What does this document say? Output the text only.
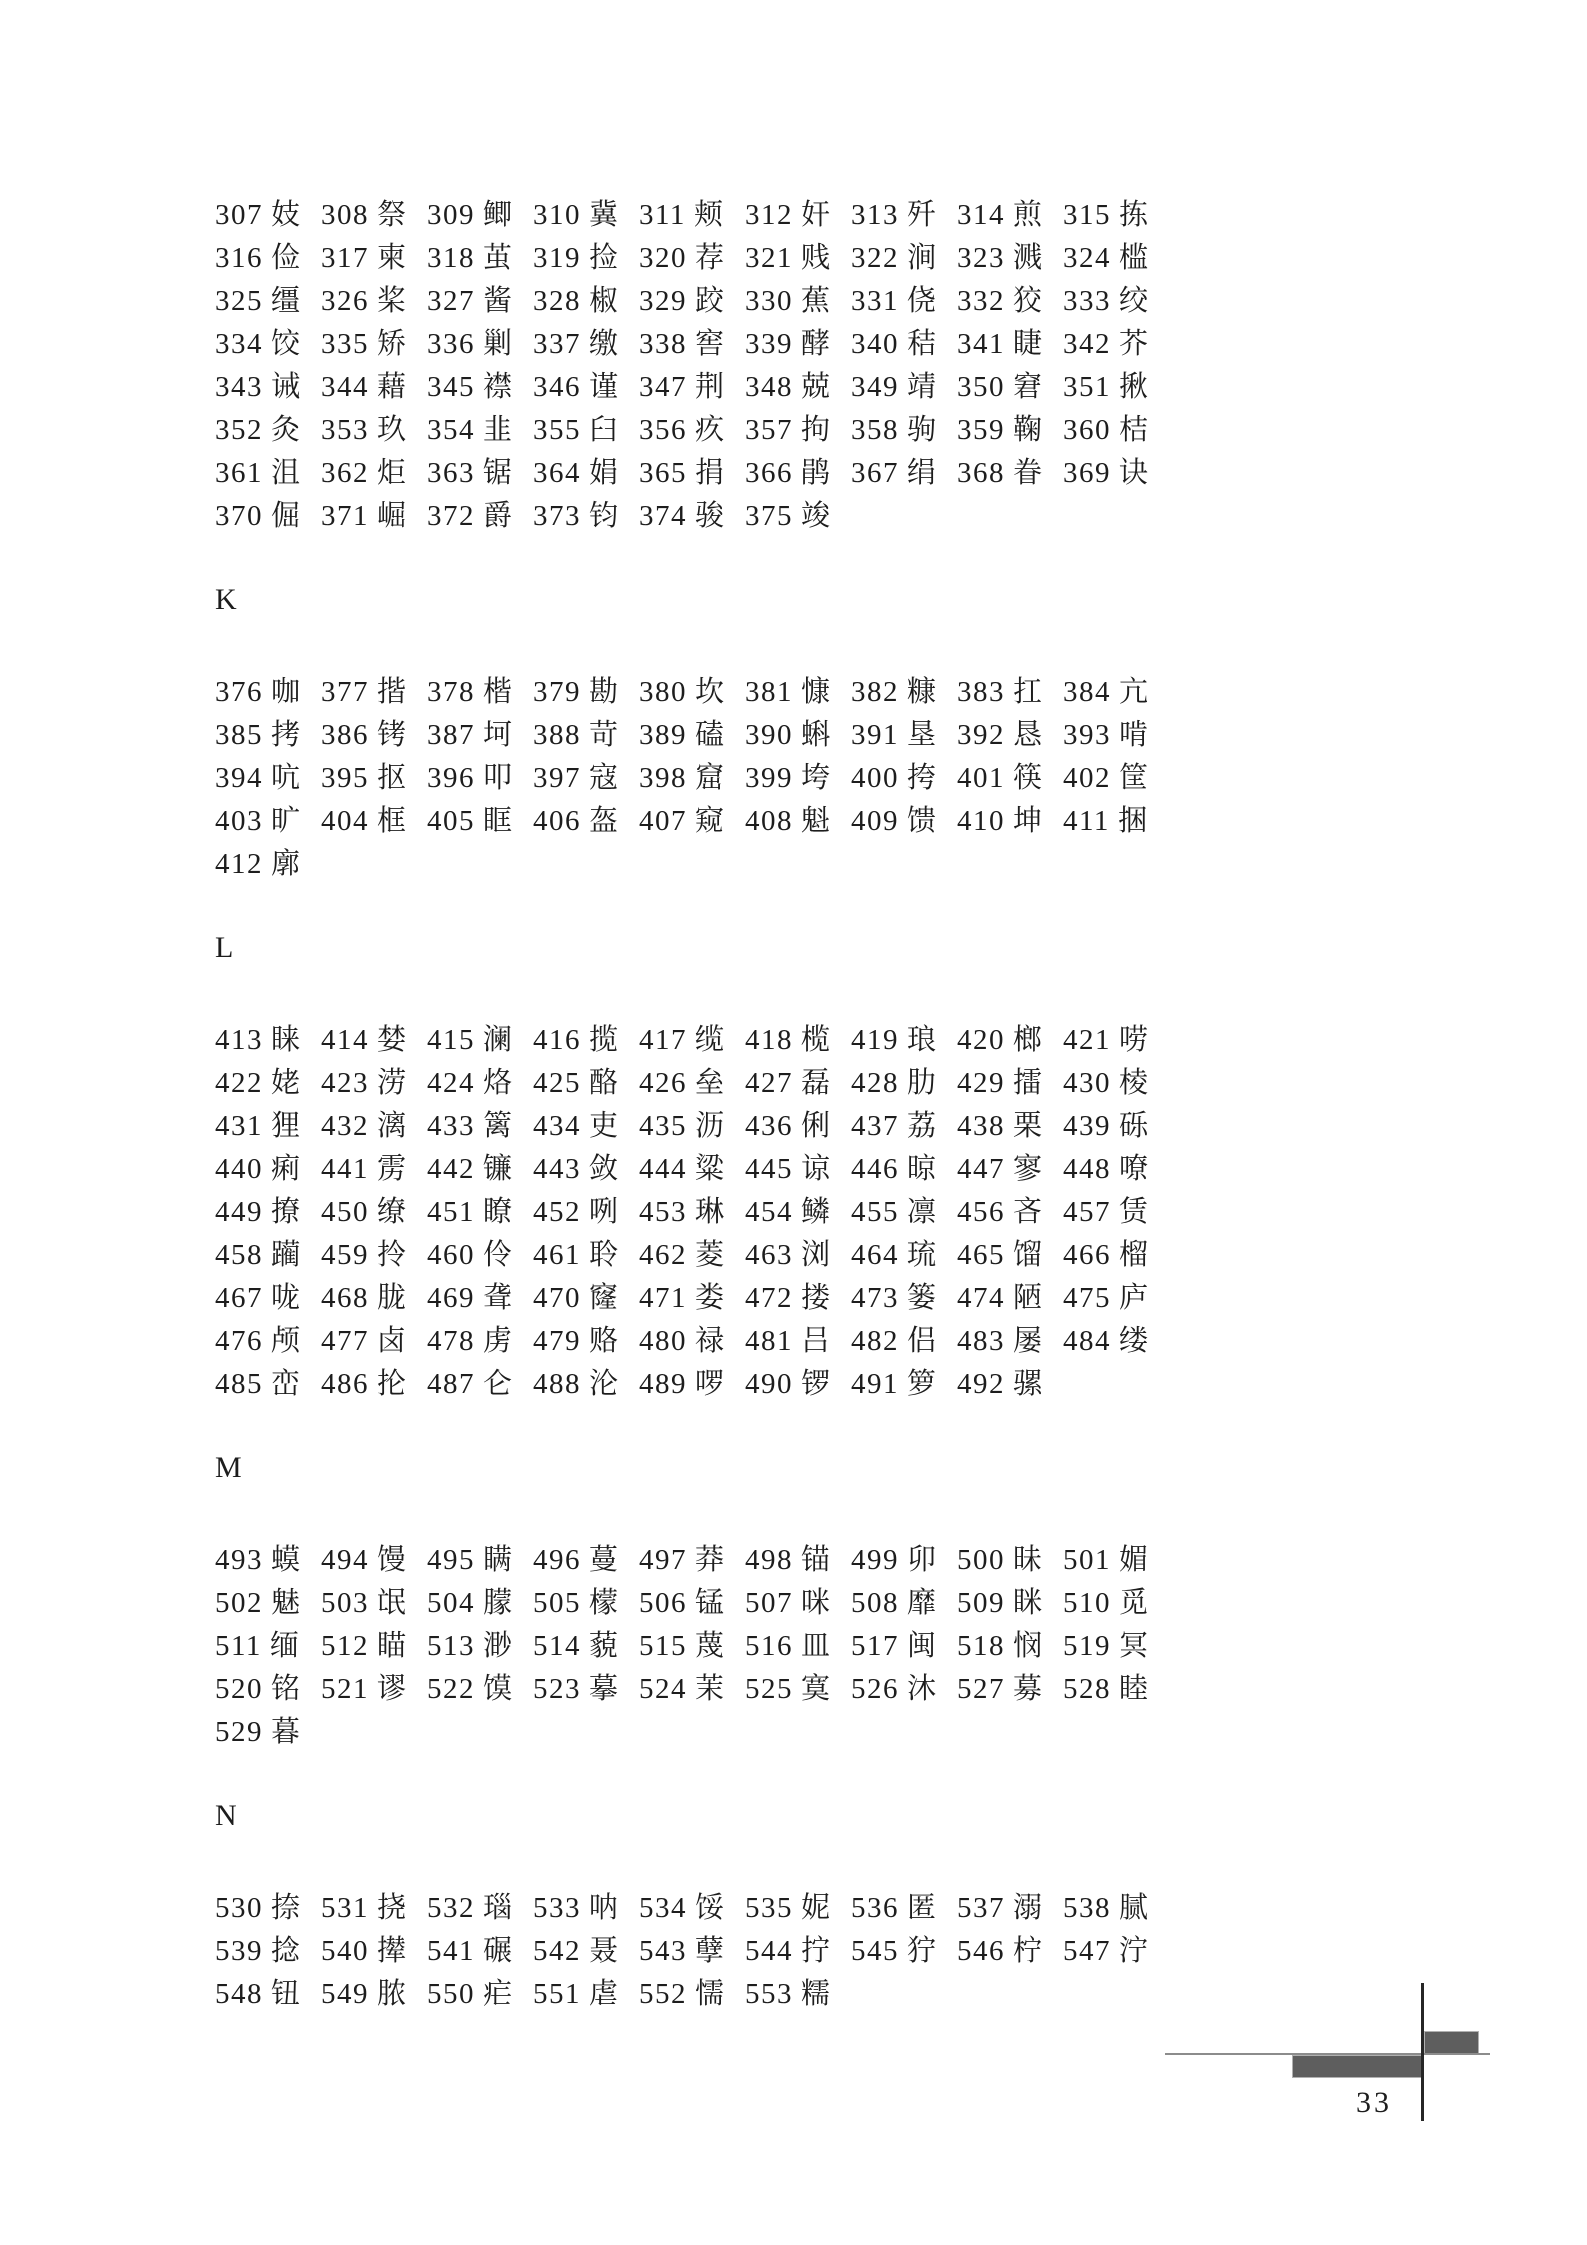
307 妓 308 祭 309 鲫 310 冀 311 颊 312 奸 313 歼 314 煎 315 拣
316 俭 317 柬 318 茧 319 捡 320 荐 321 贱 322 涧 323 溅 324 槛
325 缰 326 桨 327 酱 328 椒 329 跤 330 蕉 331 侥 332 狡 333 绞
334 饺 335 矫 336 剿 337 缴 338 窖 339 酵 340 秸 341 睫 342 芥
343 诫 344 藉 345 襟 346 谨 347 荆 348 兢 349 靖 350 窘 351 揪
352 灸 353 玖 354 韭 355 臼 356 疚 357 拘 358 驹 359 鞠 360 桔
361 沮 362 炬 363 锯 364 娟 365 捐 366 鹃 367 绢 368 眷 369 诀
370 倔 371 崛 372 爵 373 钧 374 骏 375 竣
K
376 咖 377 揩 378 楷 379 勘 380 坎 381 慷 382 糠 383 扛 384 亢
385 拷 386 铐 387 坷 388 苛 389 磕 390 蝌 391 垦 392 恳 393 啃
394 吭 395 抠 396 叩 397 寇 398 窟 399 垮 400 挎 401 筷 402 筐
403 旷 404 框 405 眶 406 盔 407 窥 408 魁 409 馈 410 坤 411 捆
412 廓
L
413 睐 414 婪 415 澜 416 揽 417 缆 418 榄 419 琅 420 榔 421 唠
422 姥 423 涝 424 烙 425 酪 426 垒 427 磊 428 肋 429 擂 430 棱
431 狸 432 漓 433 篱 434 吏 435 沥 436 俐 437 荔 438 栗 439 砾
440 痢 441 雳 442 镰 443 敛 444 粱 445 谅 446 晾 447 寥 448 嘹
449 撩 450 缭 451 瞭 452 咧 453 琳 454 鳞 455 凛 456 吝 457 赁
458 躏 459 拎 460 伶 461 聆 462 菱 463 浏 464 琉 465 馏 466 榴
467 咙 468 胧 469 聋 470 窿 471 娄 472 搂 473 篓 474 陋 475 庐
476 颅 477 卤 478 虏 479 赂 480 禄 481 吕 482 侣 483 屡 484 缕
485 峦 486 抡 487 仑 488 沦 489 啰 490 锣 491 箩 492 骡
M
493 蟆 494 馒 495 瞒 496 蔓 497 莽 498 锚 499 卯 500 昧 501 媚
502 魅 503 氓 504 朦 505 檬 506 锰 507 咪 508 靡 509 眯 510 觅
511 缅 512 瞄 513 渺 514 藐 515 蔑 516 皿 517 闽 518 悯 519 冥
520 铭 521 谬 522 馍 523 摹 524 茉 525 寞 526 沐 527 募 528 睦
529 暮
N
530 捺 531 挠 532 瑙 533 呐 534 馁 535 妮 536 匿 537 溺 538 腻
539 捻 540 撵 541 碾 542 聂 543 孽 544 拧 545 狞 546 柠 547 泞
548 钮 549 脓 550 疟 551 虐 552 懦 553 糯
33
